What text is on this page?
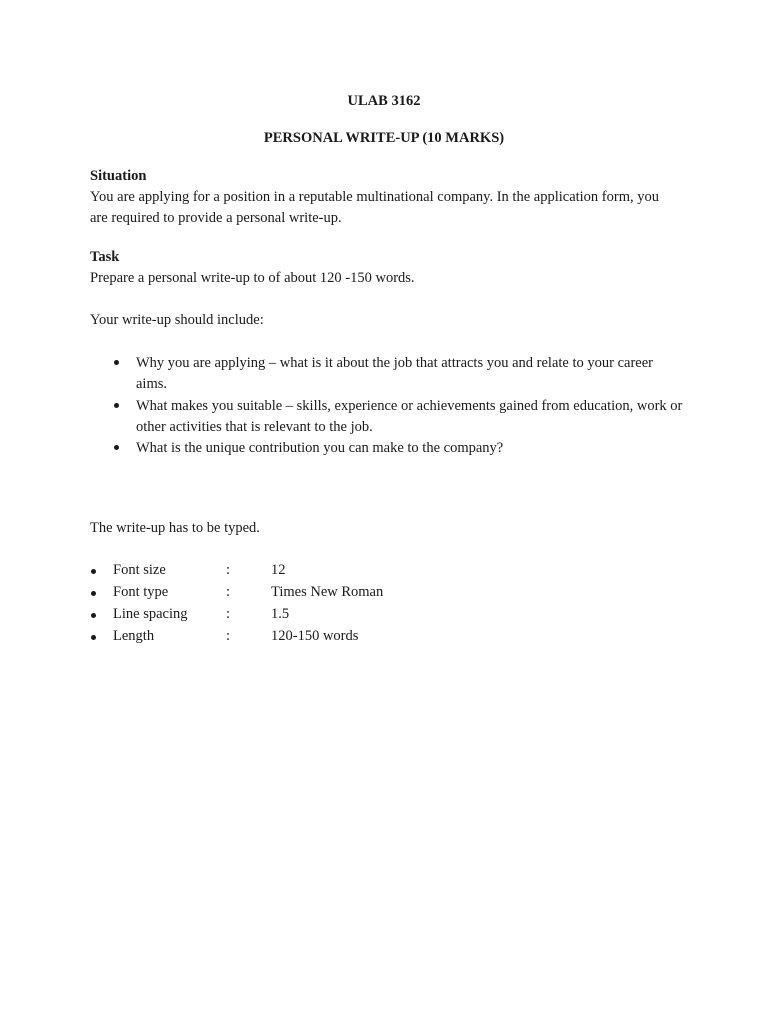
ULAB 3162
PERSONAL WRITE-UP (10 MARKS)
Situation
You are applying for a position in a reputable multinational company. In the application form, you are required to provide a personal write-up.
Task
Prepare a personal write-up to of about 120 -150 words.
Your write-up should include:
Why you are applying – what is it about the job that attracts you and relate to your career aims.
What makes you suitable – skills, experience or achievements gained from education, work or other activities that is relevant to the job.
What is the unique contribution you can make to the company?
The write-up has to be typed.
Font size	:	12
Font type	:	Times New Roman
Line spacing	:	1.5
Length	:	120-150 words
